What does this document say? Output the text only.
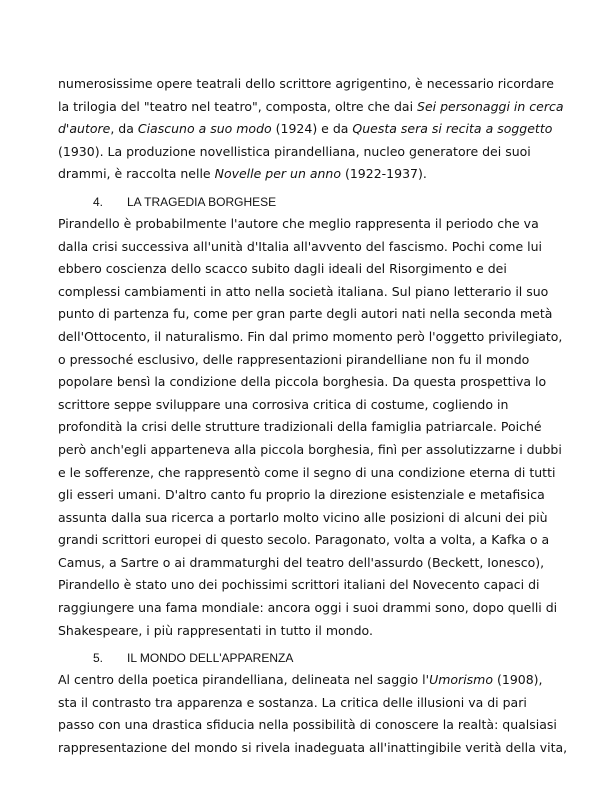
numerosissime opere teatrali dello scrittore agrigentino, è necessario ricordare
la trilogia del "teatro nel teatro", composta, oltre che dai Sei personaggi in cerca
d'autore, da Ciascuno a suo modo (1924) e da Questa sera si recita a soggetto
(1930). La produzione novellistica pirandelliana, nucleo generatore dei suoi
drammi, è raccolta nelle Novelle per un anno (1922-1937).

4. LA TRAGEDIA BORGHESE

Pirandello è probabilmente l'autore che meglio rappresenta il periodo che va
dalla crisi successiva all'unità d'Italia all'avvento del fascismo. Pochi come lui
ebbero coscienza dello scacco subito dagli ideali del Risorgimento e dei
complessi cambiamenti in atto nella società italiana. Sul piano letterario il suo
punto di partenza fu, come per gran parte degli autori nati nella seconda metà
dell'Ottocento, il naturalismo. Fin dal primo momento però l'oggetto privilegiato,
o pressoché esclusivo, delle rappresentazioni pirandelliane non fu il mondo
popolare bensì la condizione della piccola borghesia. Da questa prospettiva lo
scrittore seppe sviluppare una corrosiva critica di costume, cogliendo in
profondità la crisi delle strutture tradizionali della famiglia patriarcale. Poiché
però anch'egli apparteneva alla piccola borghesia, finì per assolutizzarne i dubbi
e le sofferenze, che rappresentò come il segno di una condizione eterna di tutti
gli esseri umani. D'altro canto fu proprio la direzione esistenziale e metafisica
assunta dalla sua ricerca a portarlo molto vicino alle posizioni di alcuni dei più
grandi scrittori europei di questo secolo. Paragonato, volta a volta, a Kafka o a
Camus, a Sartre o ai drammaturghi del teatro dell'assurdo (Beckett, Ionesco),
Pirandello è stato uno dei pochissimi scrittori italiani del Novecento capaci di
raggiungere una fama mondiale: ancora oggi i suoi drammi sono, dopo quelli di
Shakespeare, i più rappresentati in tutto il mondo.

5. IL MONDO DELL'APPARENZA

Al centro della poetica pirandelliana, delineata nel saggio l'Umorismo (1908),
sta il contrasto tra apparenza e sostanza. La critica delle illusioni va di pari
passo con una drastica sfiducia nella possibilità di conoscere la realtà: qualsiasi
rappresentazione del mondo si rivela inadeguata all'inattingibile verità della vita,
